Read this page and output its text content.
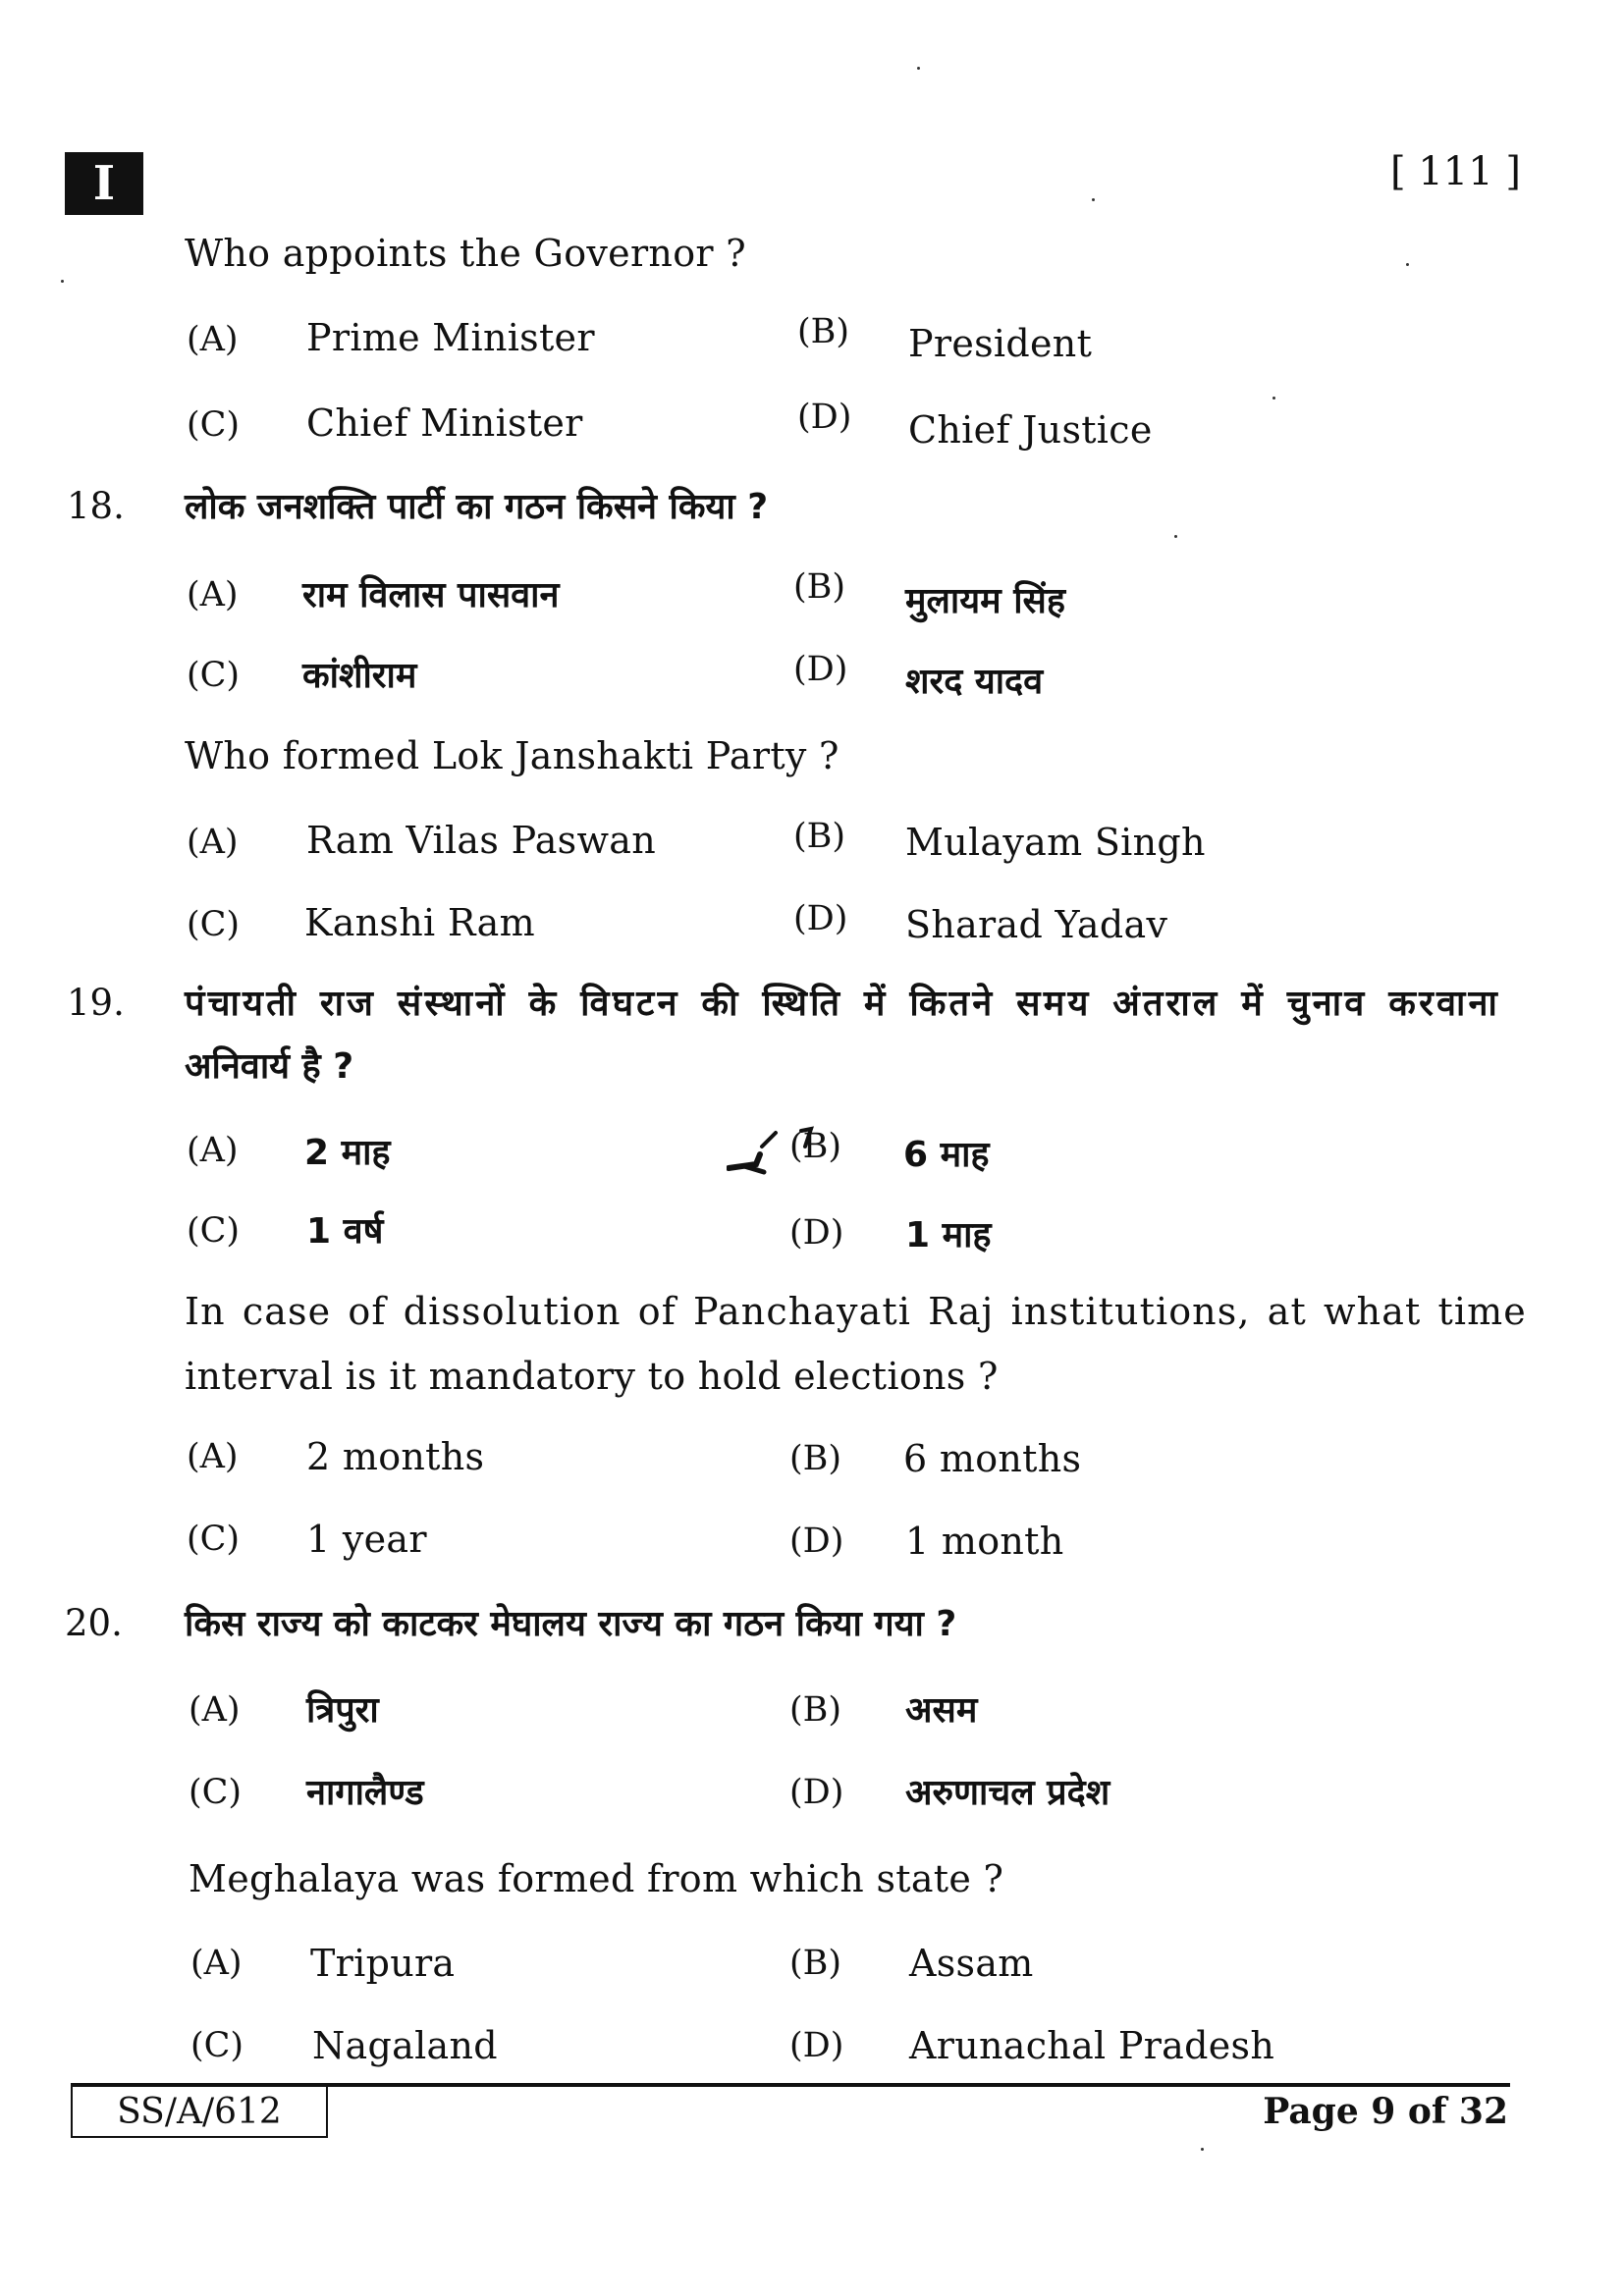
I	[ 111 ]
Who appoints the Governor ?
(A) Prime Minister	(B) President
(C) Chief Minister	(D) Chief Justice
18. लोक जनशक्ति पार्टी का गठन किसने किया ?
(A) राम विलास पासवान	(B) मुलायम सिंह
(C) कांशीराम	(D) शरद यादव
Who formed Lok Janshakti Party ?
(A) Ram Vilas Paswan	(B) Mulayam Singh
(C) Kanshi Ram	(D) Sharad Yadav
19. पंचायती राज संस्थानों के विघटन की स्थिति में कितने समय अंतराल में चुनाव करवाना
अनिवार्य है ?
(A) 2 माह	(B) 6 माह
(C) 1 वर्ष	(D) 1 माह
In case of dissolution of Panchayati Raj institutions, at what time
interval is it mandatory to hold elections ?
(A) 2 months	(B) 6 months
(C) 1 year	(D) 1 month
20. किस राज्य को काटकर मेघालय राज्य का गठन किया गया ?
(A) त्रिपुरा	(B) असम
(C) नागालैण्ड	(D) अरुणाचल प्रदेश
Meghalaya was formed from which state ?
(A) Tripura	(B) Assam
(C) Nagaland	(D) Arunachal Pradesh
SS/A/612	Page 9 of 32
